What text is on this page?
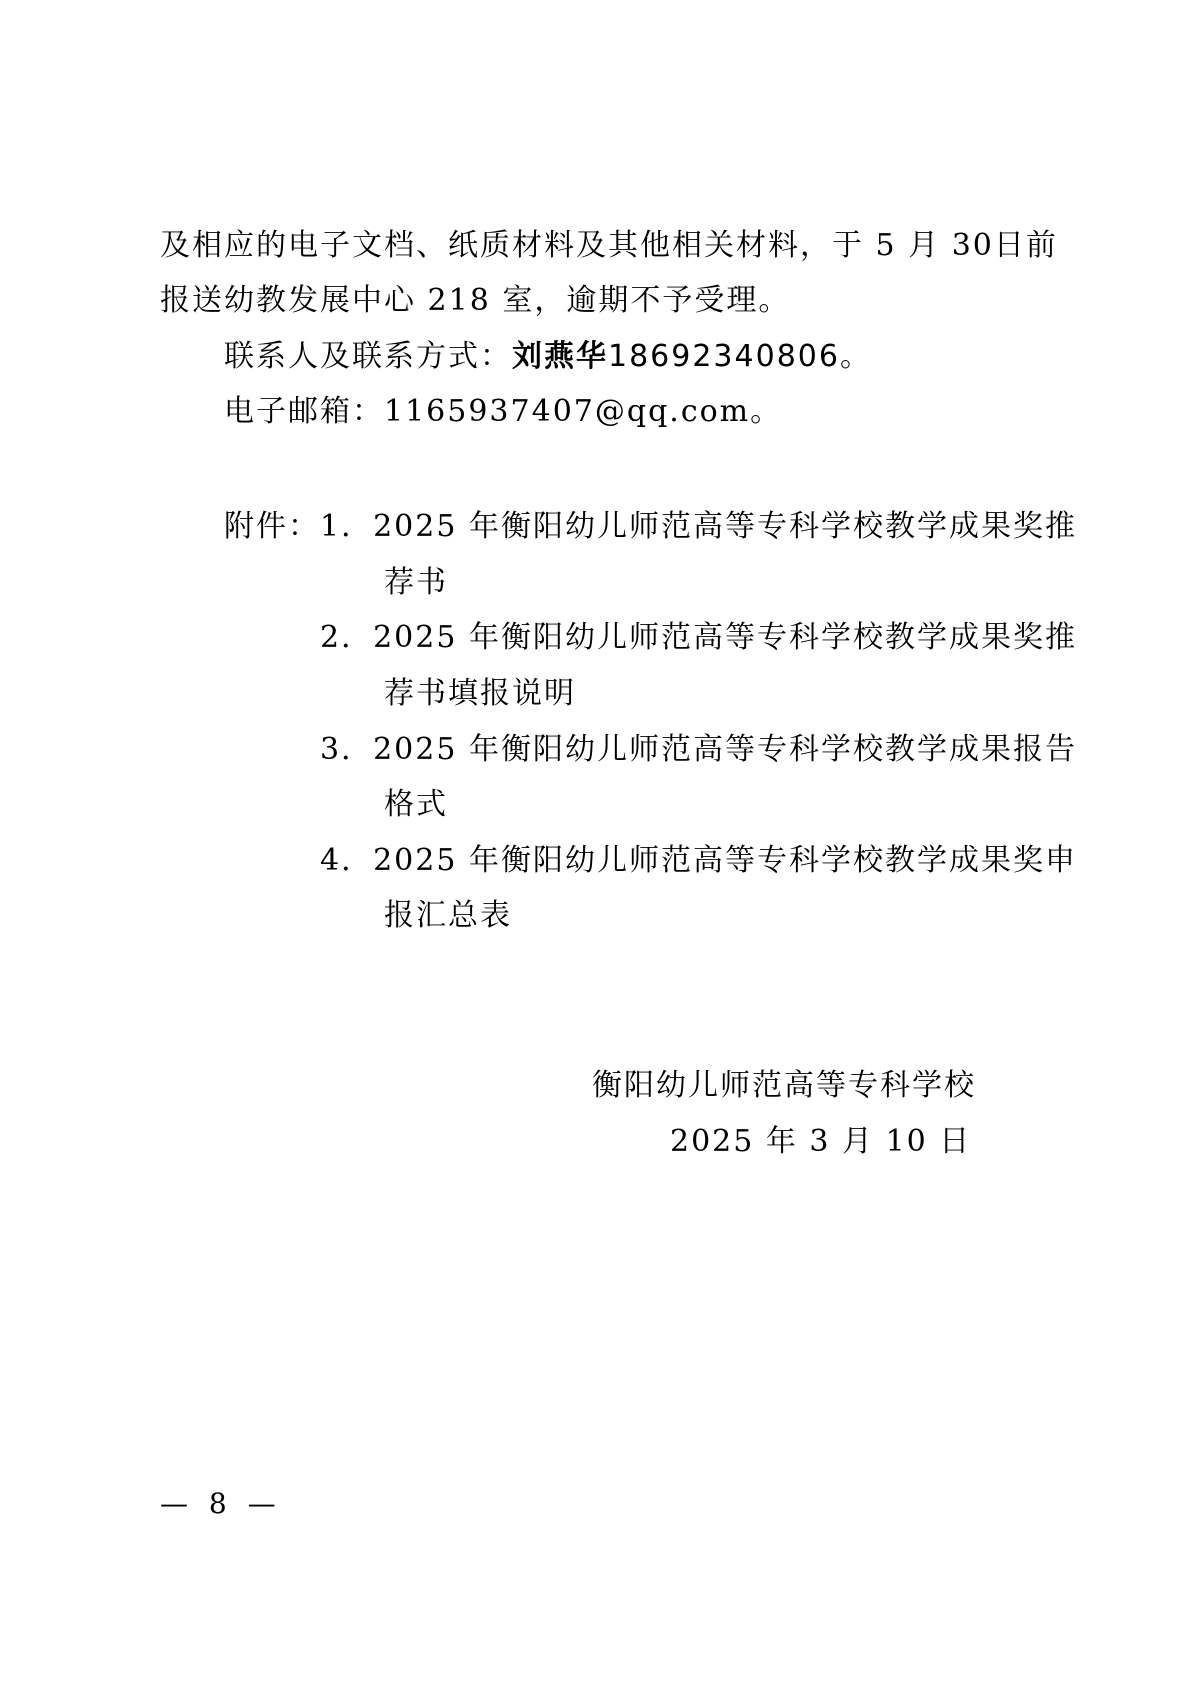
及相应的电子文档、纸质材料及其他相关材料，于 5 月 30日前
报送幼教发展中心 218 室，逾期不予受理。
联系人及联系方式：刘燕华18692340806。
电子邮箱：1165937407@qq.com。
附件：1．2025 年衡阳幼儿师范高等专科学校教学成果奖推
荐书
2．2025 年衡阳幼儿师范高等专科学校教学成果奖推
荐书填报说明
3．2025 年衡阳幼儿师范高等专科学校教学成果报告
格式
4．2025 年衡阳幼儿师范高等专科学校教学成果奖申
报汇总表
衡阳幼儿师范高等专科学校
2025 年 3 月 10 日
— 8 —
